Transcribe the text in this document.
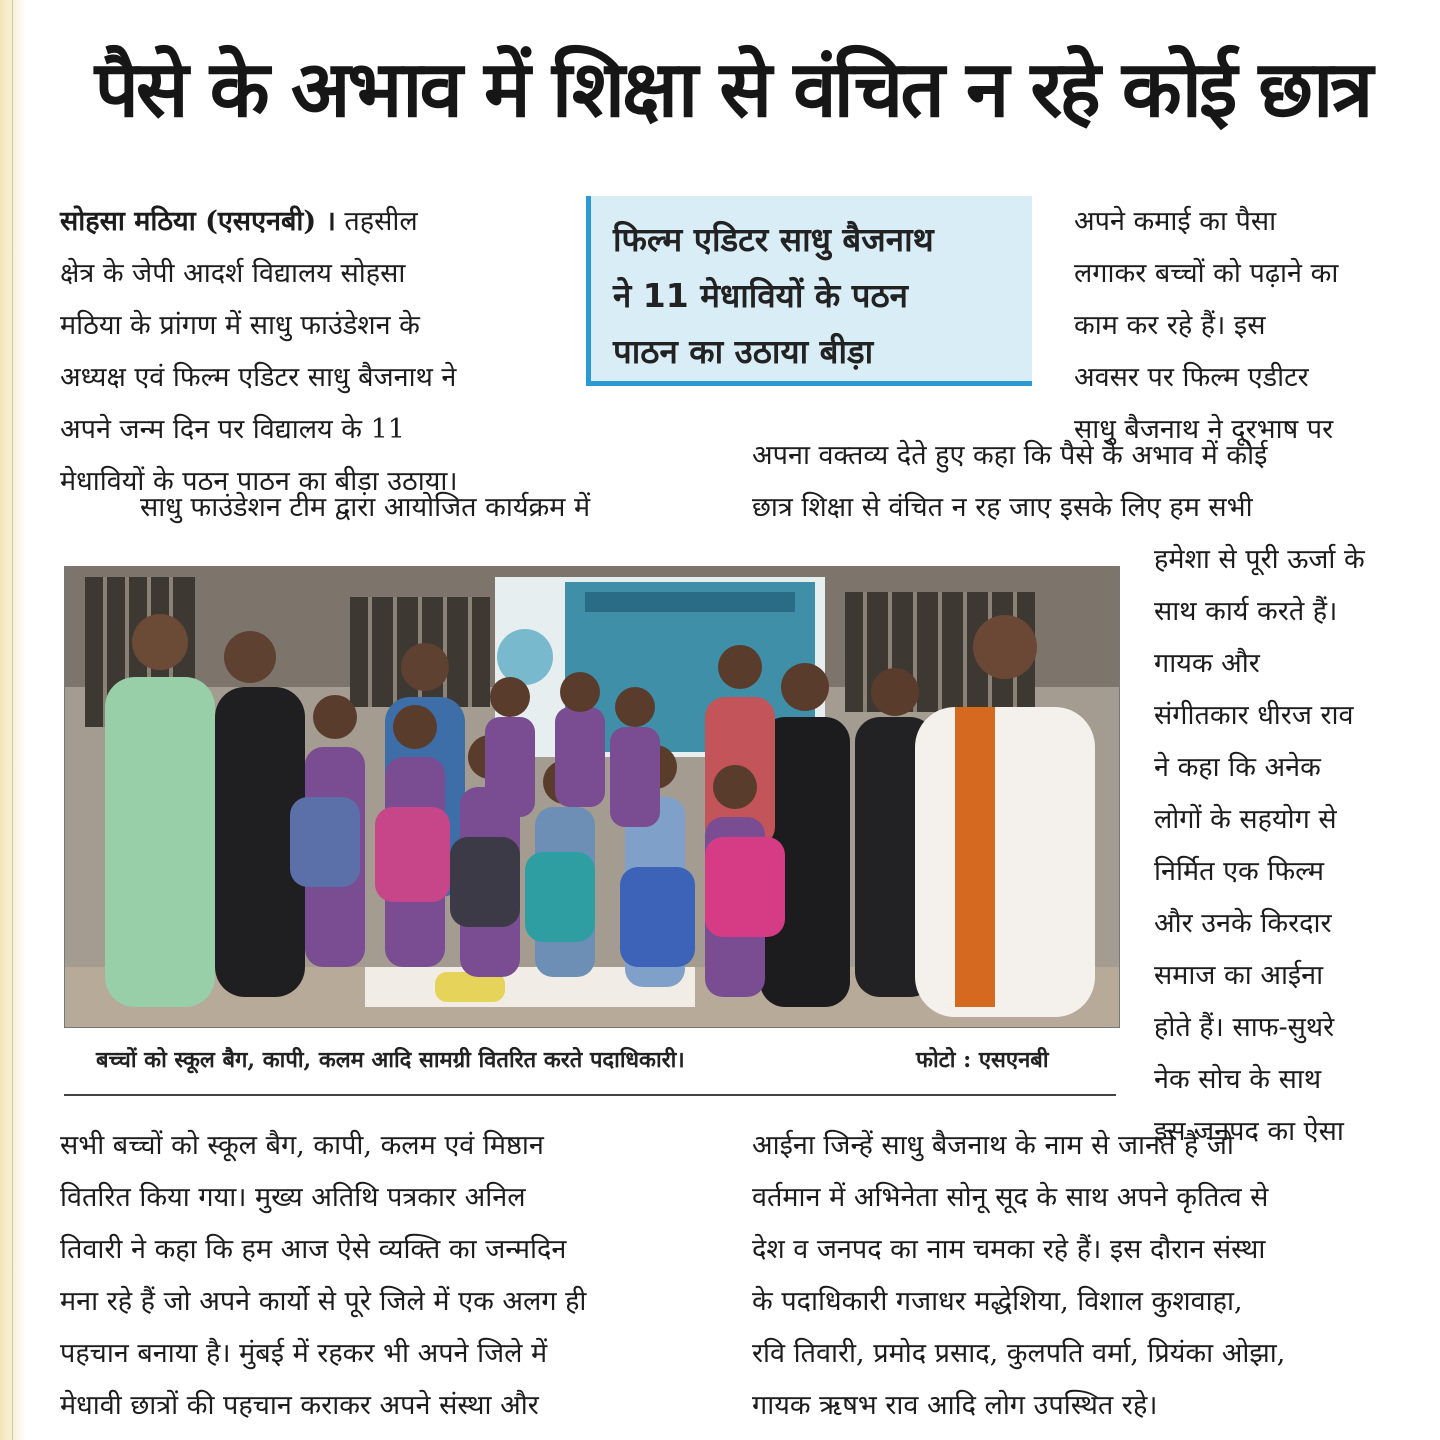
पैसे के अभाव में शिक्षा से वंचित न रहे कोई छात्र

सोहसा मठिया (एसएनबी) । तहसील

क्षेत्र के जेपी आदर्श विद्यालय सोहसा

मठिया के प्रांगण में साधु फाउंडेशन के

अध्यक्ष एवं फिल्म एडिटर साधु बैजनाथ ने

अपने जन्म दिन पर विद्यालय के 11

मेधावियों के पठन पाठन का बीड़ा उठाया।

साधु फाउंडेशन टीम द्वारा आयोजित कार्यक्रम में

फिल्म एडिटर साधु बैजनाथ
ने 11 मेधावियों के पठन
पाठन का उठाया बीड़ा

अपने कमाई का पैसा

लगाकर बच्चों को पढ़ाने का

काम कर रहे हैं। इस

अवसर पर फिल्म एडीटर

साधु बैजनाथ ने दूरभाष पर

अपना वक्तव्य देते हुए कहा कि पैसे के अभाव में कोई

छात्र शिक्षा से वंचित न रह जाए इसके लिए हम सभी

हमेशा से पूरी ऊर्जा के

साथ कार्य करते हैं।

गायक और

संगीतकार धीरज राव

ने कहा कि अनेक

लोगों के सहयोग से

निर्मित एक फिल्म

और उनके किरदार

समाज का आईना

होते हैं। साफ-सुथरे

नेक सोच के साथ

इस जनपद का ऐसा

बच्चों को स्कूल बैग, कापी, कलम आदि सामग्री वितरित करते पदाधिकारी।	फोटो : एसएनबी

सभी बच्चों को स्कूल बैग, कापी, कलम एवं मिष्ठान

वितरित किया गया। मुख्य अतिथि पत्रकार अनिल

तिवारी ने कहा कि हम आज ऐसे व्यक्ति का जन्मदिन

मना रहे हैं जो अपने कार्यो से पूरे जिले में एक अलग ही

पहचान बनाया है। मुंबई में रहकर भी अपने जिले में

मेधावी छात्रों की पहचान कराकर अपने संस्था और

आईना जिन्हें साधु बैजनाथ के नाम से जानते हैं जो

वर्तमान में अभिनेता सोनू सूद के साथ अपने कृतित्व से

देश व जनपद का नाम चमका रहे हैं। इस दौरान संस्था

के पदाधिकारी गजाधर मद्धेशिया, विशाल कुशवाहा,

रवि तिवारी, प्रमोद प्रसाद, कुलपति वर्मा, प्रियंका ओझा,

गायक ऋषभ राव आदि लोग उपस्थित रहे।
